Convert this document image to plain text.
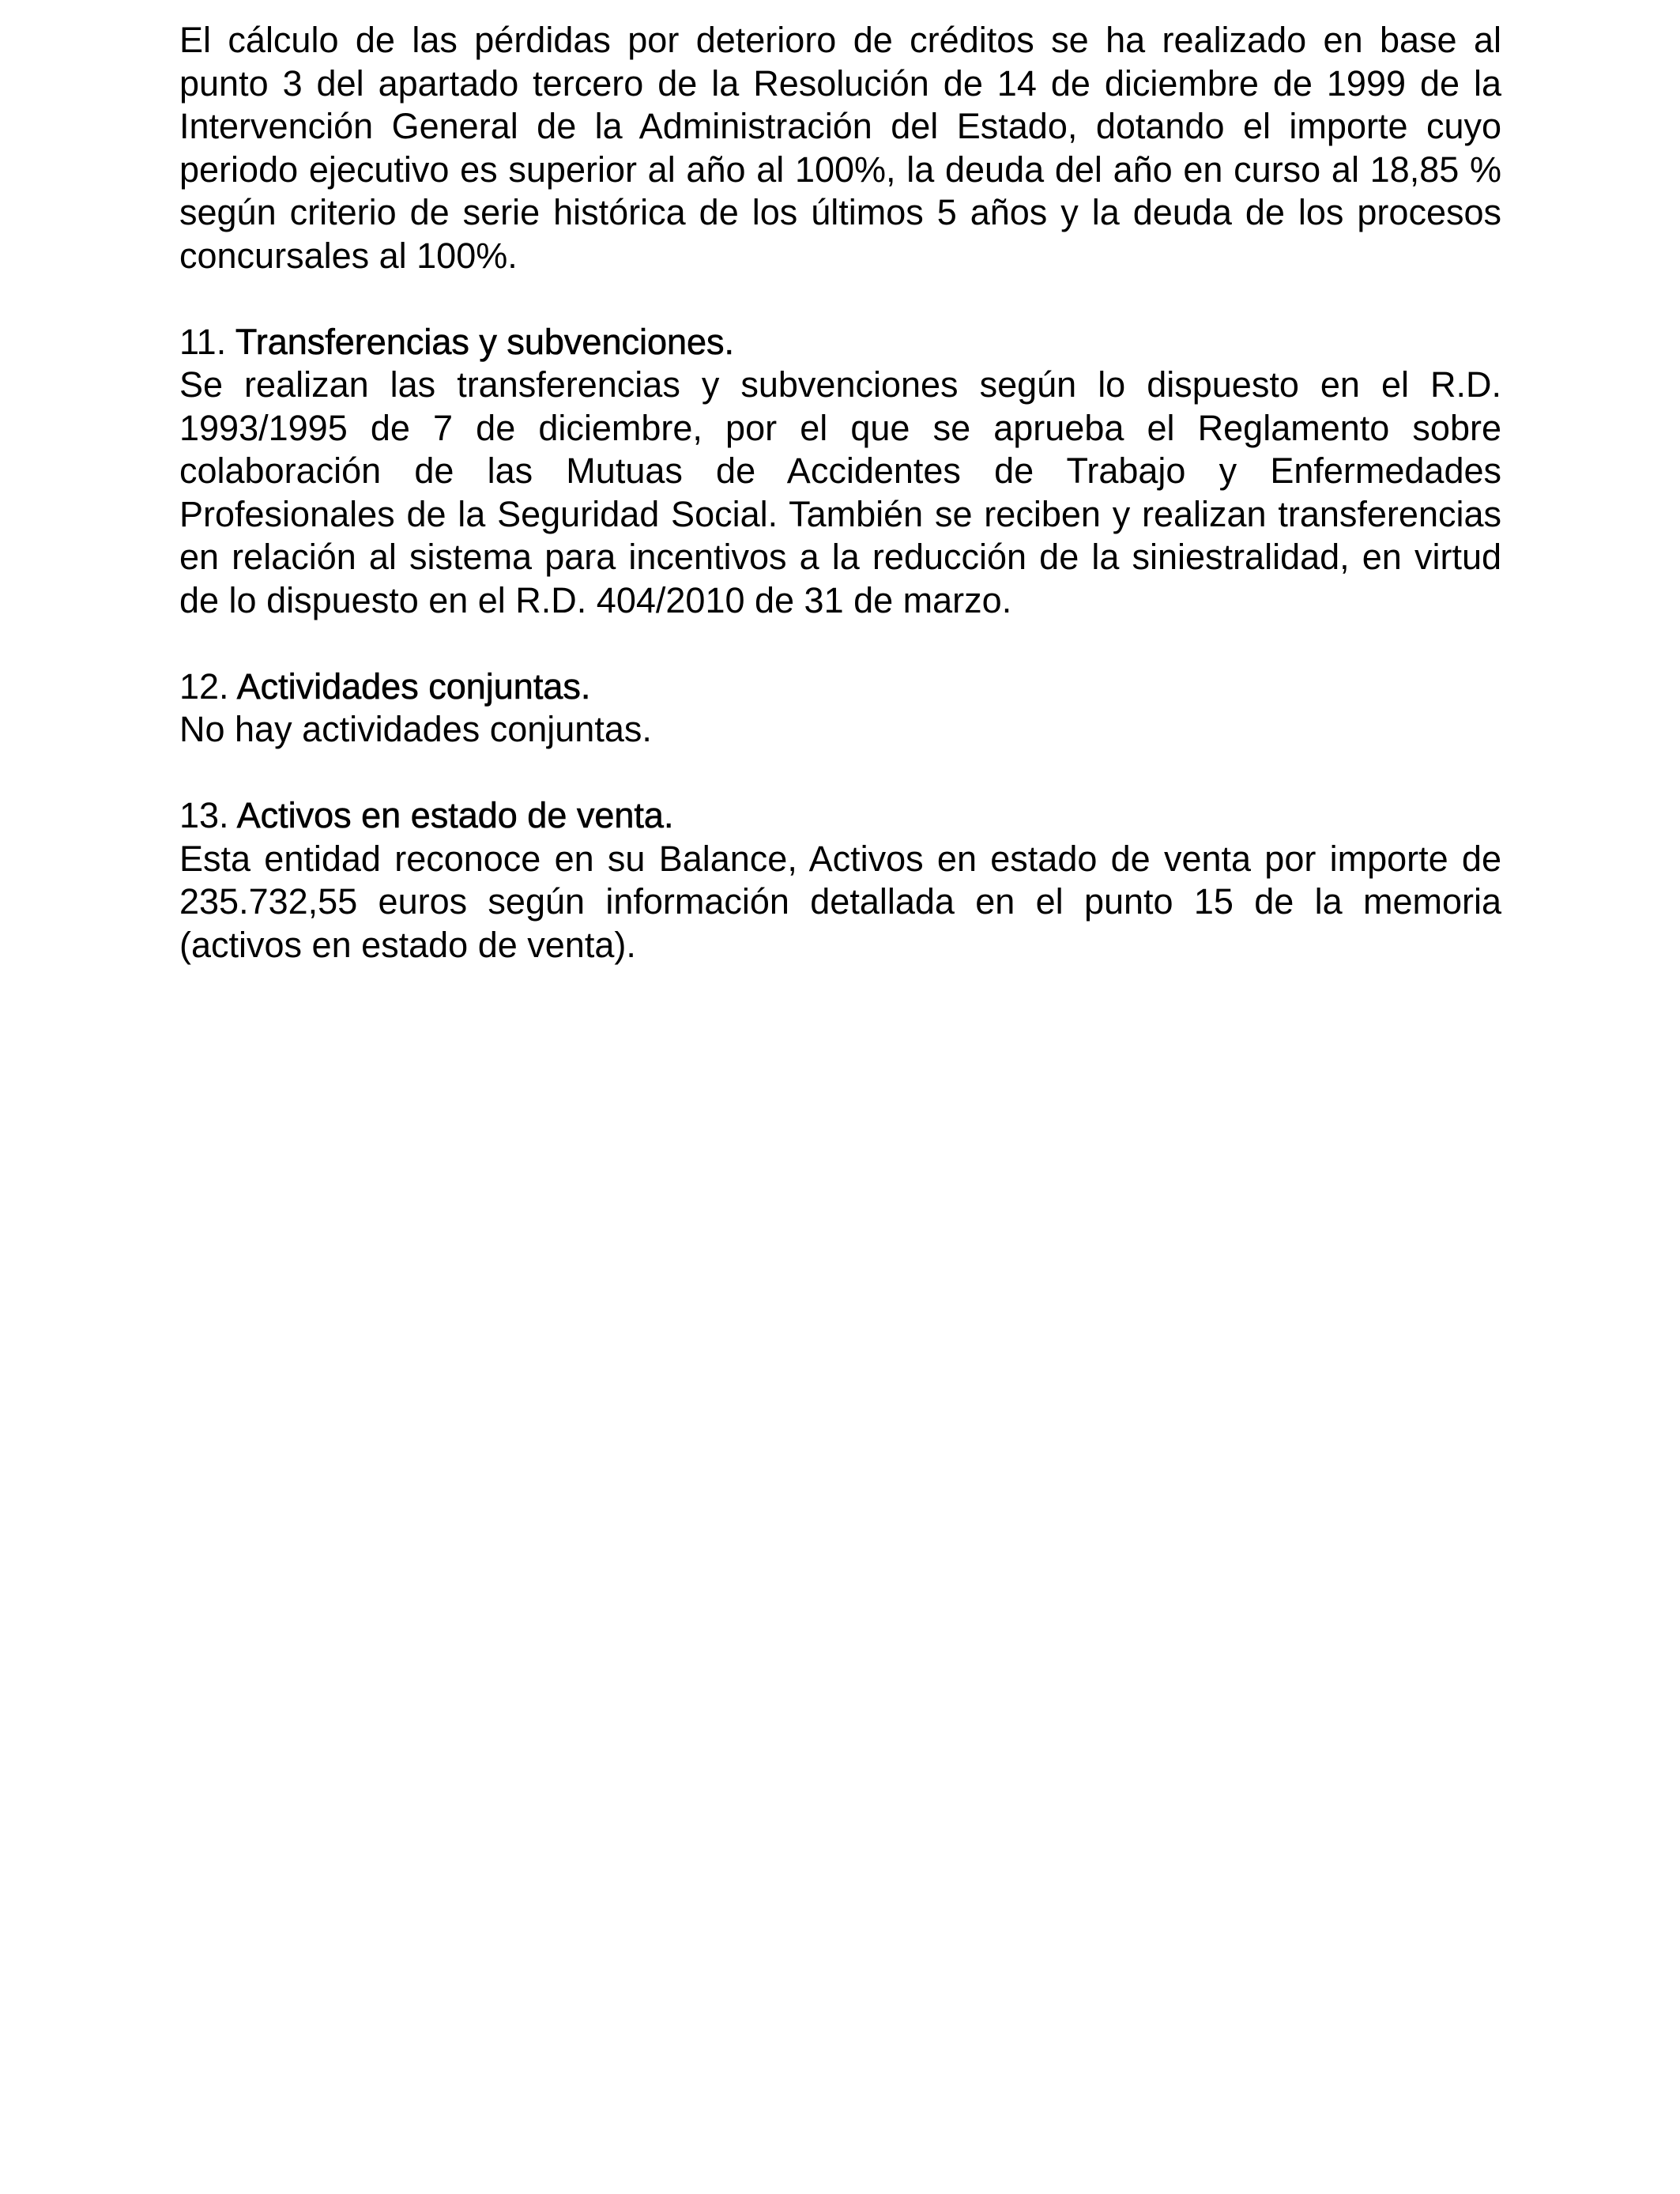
El cálculo de las pérdidas por deterioro de créditos se ha realizado en base al punto 3 del apartado tercero de la Resolución de 14 de diciembre de 1999 de la Intervención General de la Administración del Estado, dotando el importe cuyo periodo ejecutivo es superior al año al 100%, la deuda del año en curso al 18,85 % según criterio de serie histórica de los últimos 5 años y la deuda de los procesos concursales al 100%.

11. Transferencias y subvenciones.

Se realizan las transferencias y subvenciones según lo dispuesto en el R.D. 1993/1995 de 7 de diciembre, por el que se aprueba el Reglamento sobre colaboración de las Mutuas de Accidentes de Trabajo y Enfermedades Profesionales de la Seguridad Social. También se reciben y realizan transferencias en relación al sistema para incentivos a la reducción de la siniestralidad, en virtud de lo dispuesto en el R.D. 404/2010 de 31 de marzo.

12. Actividades conjuntas.

No hay actividades conjuntas.

13. Activos en estado de venta.

Esta entidad reconoce en su Balance, Activos en estado de venta por importe de 235.732,55 euros según información detallada en el punto 15 de la memoria (activos en estado de venta).
